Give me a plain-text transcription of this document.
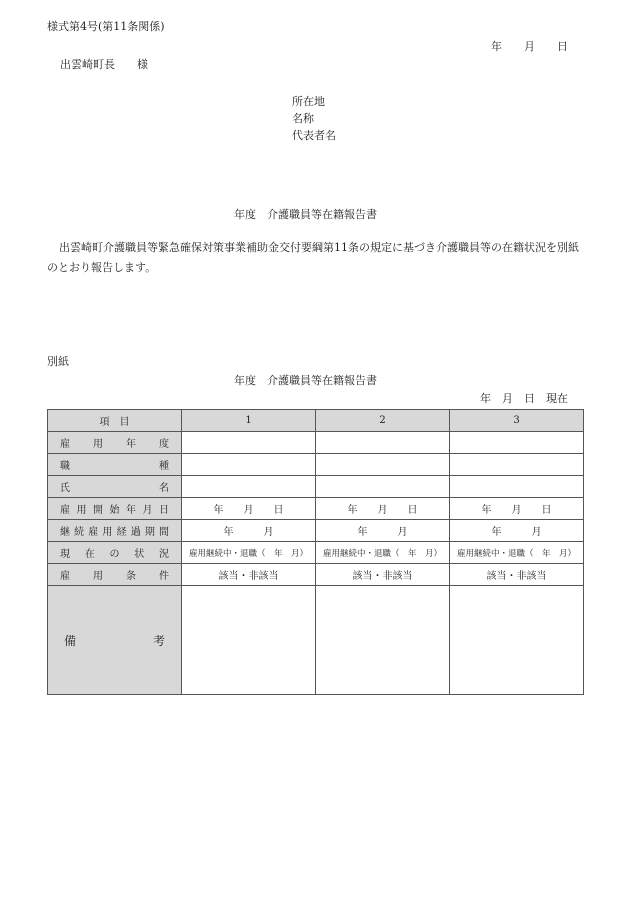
様式第4号(第11条関係)
年　　月　　日
出雲崎町長　　様
所在地
名称
代表者名
年度　介護職員等在籍報告書
出雲崎町介護職員等緊急確保対策事業補助金交付要綱第11条の規定に基づき介護職員等の在籍状況を別紙のとおり報告します。
別紙
年度　介護職員等在籍報告書
年　月　日　現在
項　目	1	2	3
雇用年度			
職種			
氏名			
雇用開始年月日	年　　月　　日	年　　月　　日	年　　月　　日
継続雇用経過期間	年　　　月	年　　　月	年　　　月
現在の状況	雇用継続中・退職（　年　月）	雇用継続中・退職（　年　月）	雇用継続中・退職（　年　月）
雇用条件	該当・非該当	該当・非該当	該当・非該当

備 考			
